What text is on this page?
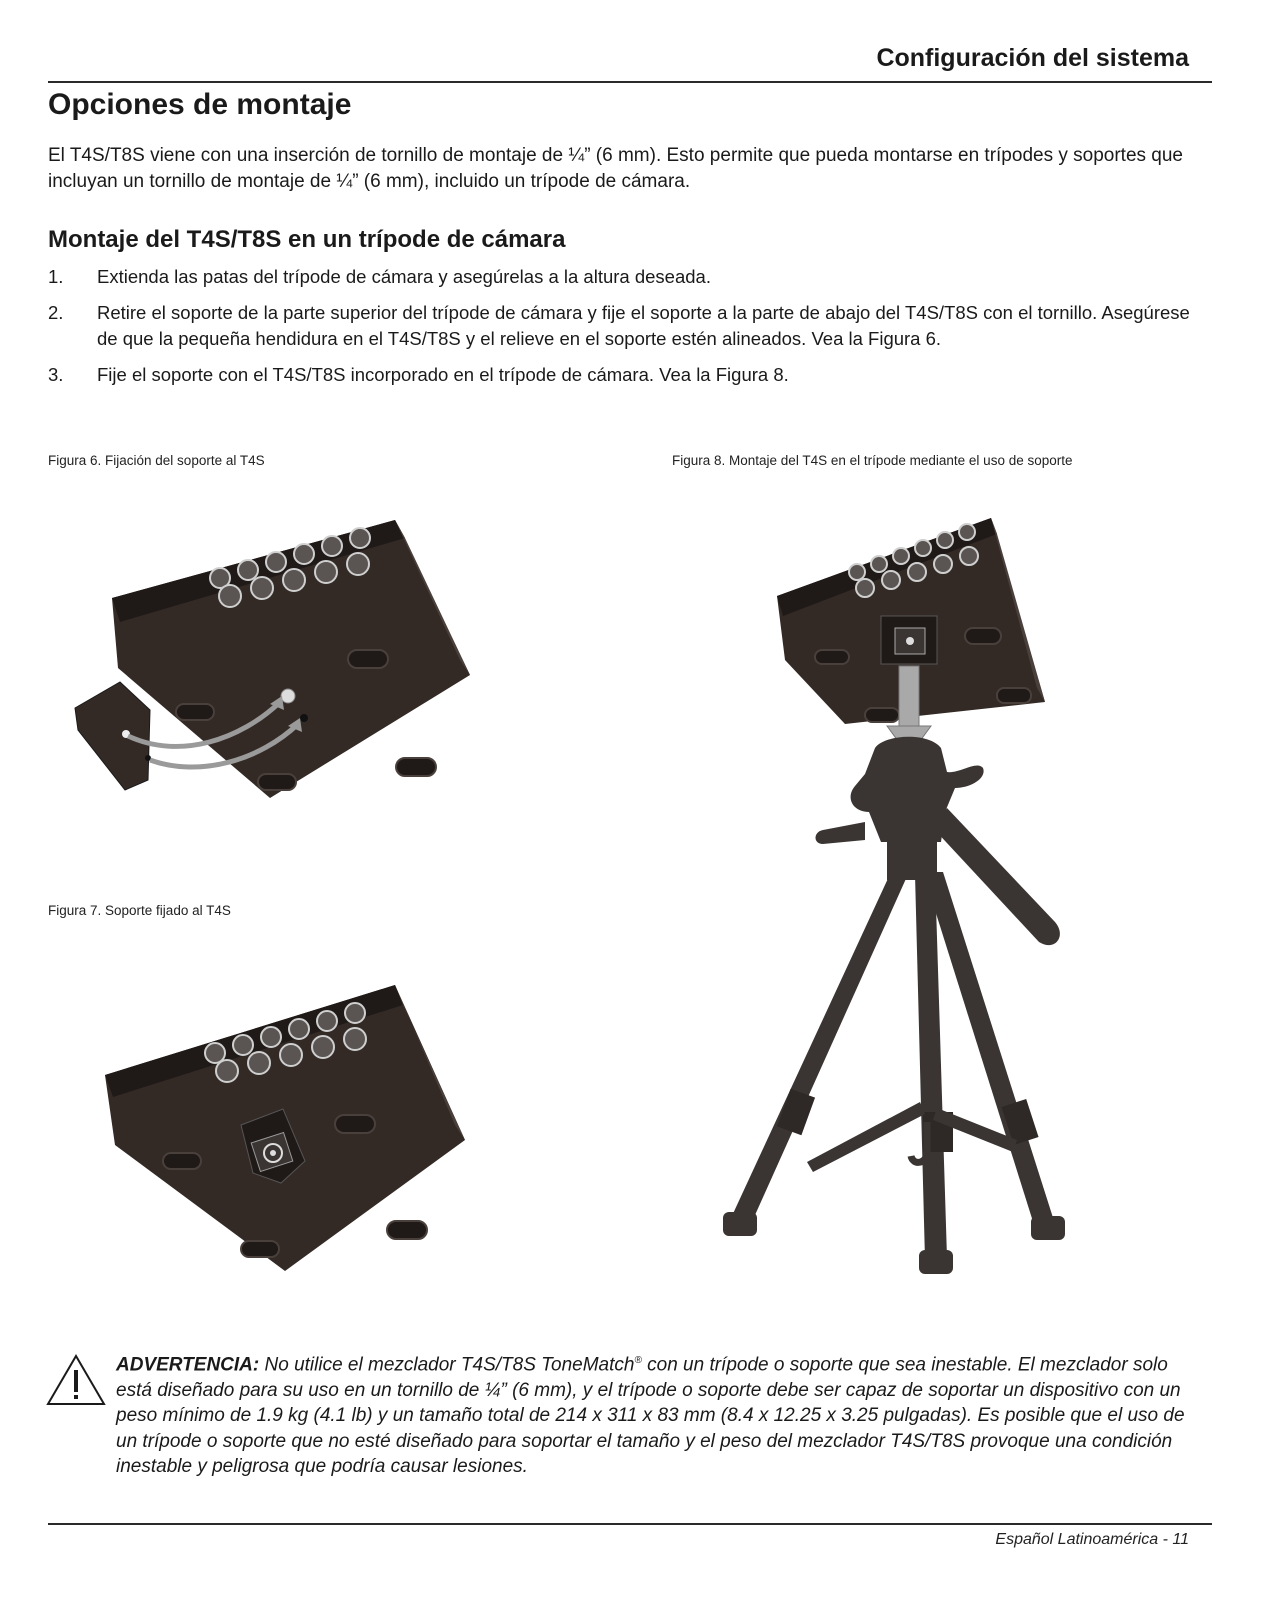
Configuración del sistema
Opciones de montaje

El T4S/T8S viene con una inserción de tornillo de montaje de ¼” (6 mm). Esto permite que pueda montarse en trípodes y soportes que incluyan un tornillo de montaje de ¼” (6 mm), incluido un trípode de cámara.

Montaje del T4S/T8S en un trípode de cámara
1. Extienda las patas del trípode de cámara y asegúrelas a la altura deseada.
2. Retire el soporte de la parte superior del trípode de cámara y fije el soporte a la parte de abajo del T4S/T8S con el tornillo. Asegúrese de que la pequeña hendidura en el T4S/T8S y el relieve en el soporte estén alineados. Vea la Figura 6.
3. Fije el soporte con el T4S/T8S incorporado en el trípode de cámara. Vea la Figura 8.
Figura 6. Fijación del soporte al T4S
Figura 7. Soporte fijado al T4S
Figura 8. Montaje del T4S en el trípode mediante el uso de soporte

ADVERTENCIA: No utilice el mezclador T4S/T8S ToneMatch® con un trípode o soporte que sea inestable. El mezclador solo está diseñado para su uso en un tornillo de ¼” (6 mm), y el trípode o soporte debe ser capaz de soportar un dispositivo con un peso mínimo de 1.9 kg (4.1 lb) y un tamaño total de 214 x 311 x 83 mm (8.4 x 12.25 x 3.25 pulgadas). Es posible que el uso de un trípode o soporte que no esté diseñado para soportar el tamaño y el peso del mezclador T4S/T8S provoque una condición inestable y peligrosa que podría causar lesiones.

Español Latinoamérica - 11
